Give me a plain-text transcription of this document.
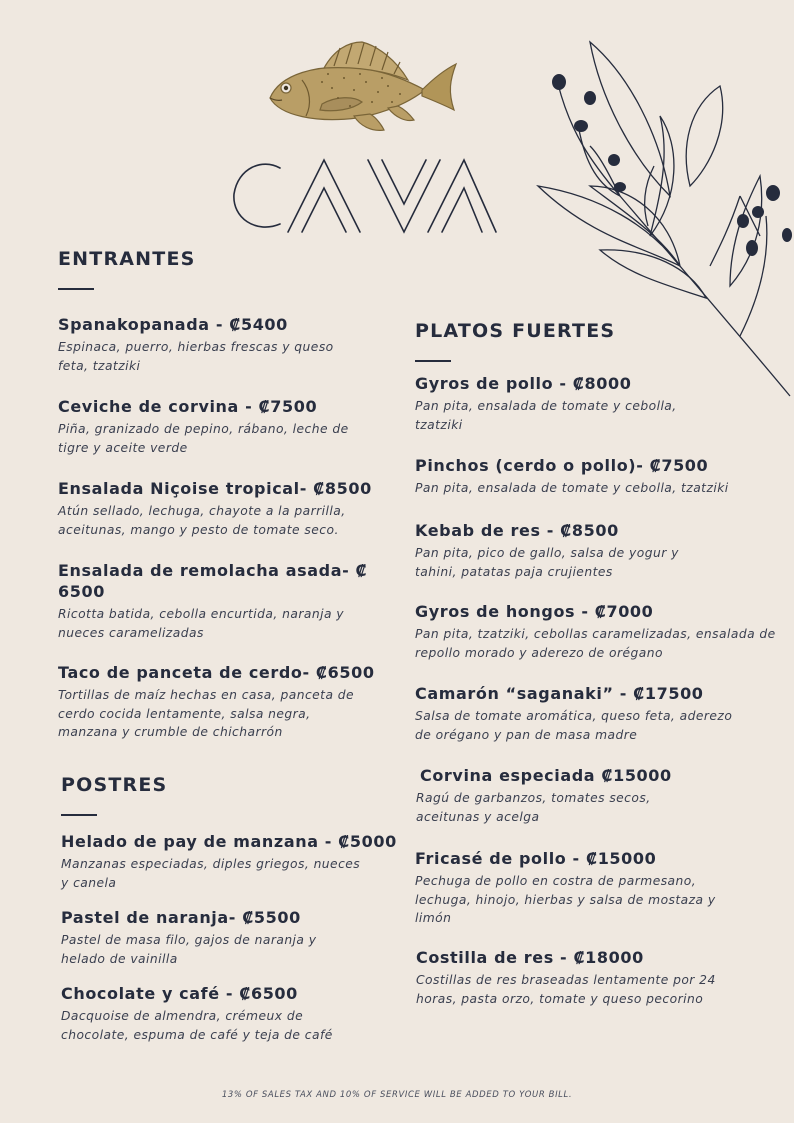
ENTRANTES
Spanakopanada - ₡5400
Espinaca, puerro, hierbas frescas y queso feta, tzatziki
Ceviche de corvina - ₡7500
Piña, granizado de pepino, rábano, leche de tigre y aceite verde
Ensalada Niçoise tropical- ₡8500
Atún sellado, lechuga, chayote a la parrilla, aceitunas, mango y pesto de tomate seco.
Ensalada de remolacha asada- ₡ 6500
Ricotta batida, cebolla encurtida, naranja y nueces caramelizadas
Taco de panceta de cerdo- ₡6500
Tortillas de maíz hechas en casa, panceta de cerdo cocida lentamente, salsa negra, manzana y crumble de chicharrón
POSTRES
Helado de pay de manzana - ₡5000
Manzanas especiadas, diples griegos, nueces y canela
Pastel de naranja- ₡5500
Pastel de masa filo, gajos de naranja y helado de vainilla
Chocolate y café - ₡6500
Dacquoise de almendra, crémeux de chocolate, espuma de café y teja de café
PLATOS FUERTES
Gyros de pollo - ₡8000
Pan pita, ensalada de tomate y cebolla, tzatziki
Pinchos (cerdo o pollo)- ₡7500
Pan pita, ensalada de tomate y cebolla, tzatziki
Kebab de res - ₡8500
Pan pita, pico de gallo, salsa de yogur y tahini, patatas paja crujientes
Gyros de hongos - ₡7000
Pan pita, tzatziki, cebollas caramelizadas, ensalada de repollo morado y aderezo de orégano
Camarón “saganaki” - ₡17500
Salsa de tomate aromática, queso feta, aderezo de orégano y pan de masa madre
Corvina especiada ₡15000
Ragú de garbanzos, tomates secos, aceitunas y acelga
Fricasé de pollo - ₡15000
Pechuga de pollo en costra de parmesano, lechuga, hinojo, hierbas y salsa de mostaza y limón
Costilla de res - ₡18000
Costillas de res braseadas lentamente por 24 horas, pasta orzo, tomate y queso pecorino
13% OF SALES TAX AND 10% OF SERVICE WILL BE ADDED TO YOUR BILL.
